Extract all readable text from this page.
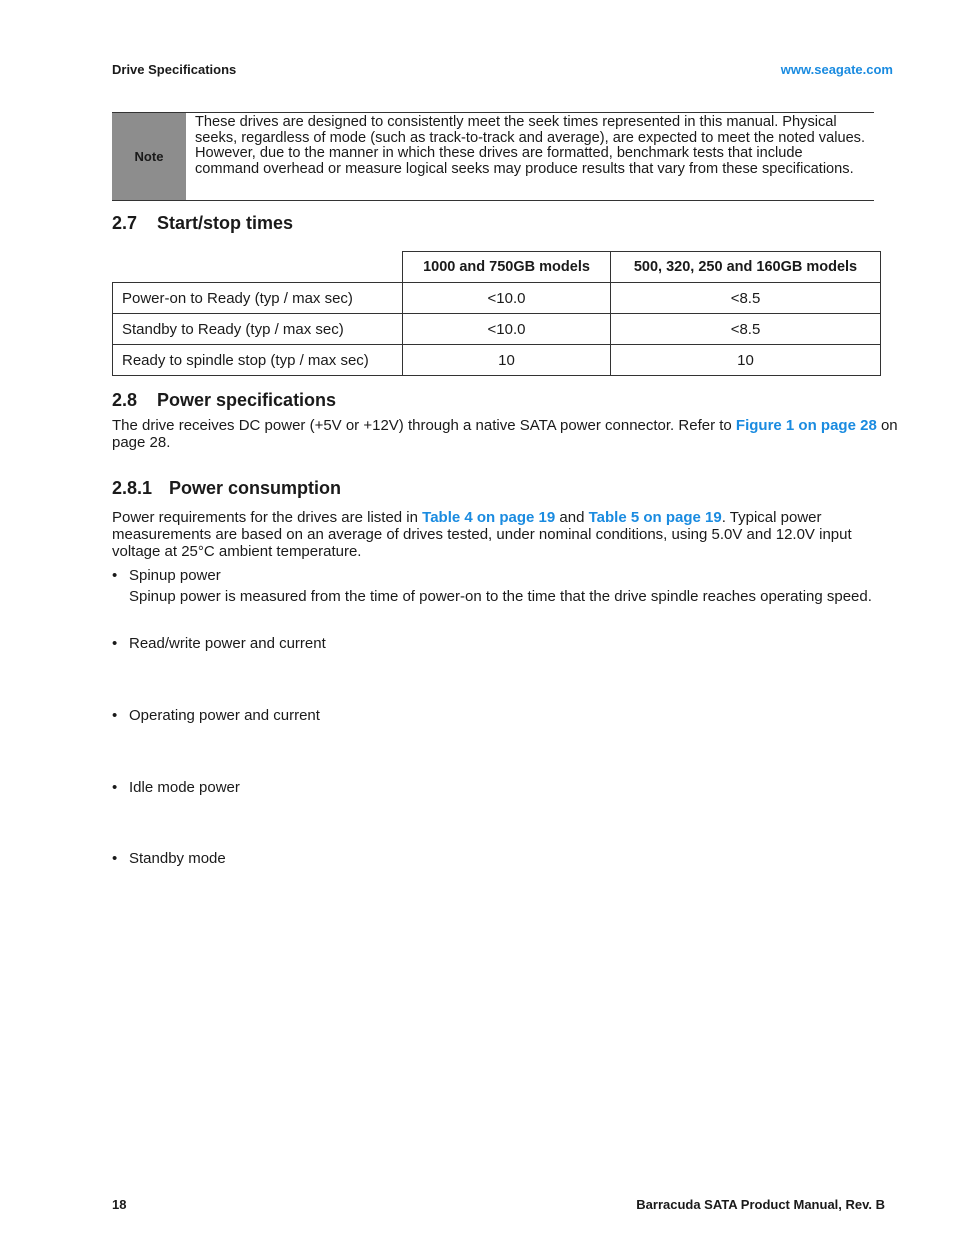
Drive Specifications	www.seagate.com
Note
These drives are designed to consistently meet the seek times represented in this manual. Physical seeks, regardless of mode (such as track-to-track and average), are expected to meet the noted values. However, due to the manner in which these drives are formatted, benchmark tests that include command overhead or measure logical seeks may produce results that vary from these specifications.
2.7 Start/stop times
	1000 and 750GB models	500, 320, 250 and 160GB models
Power-on to Ready (typ / max sec)	<10.0	<8.5
Standby to Ready (typ / max sec)	<10.0	<8.5
Ready to spindle stop (typ / max sec)	10	10
2.8 Power specifications
The drive receives DC power (+5V or +12V) through a native SATA power connector. Refer to Figure 1 on page 28 on page 28.
2.8.1 Power consumption
Power requirements for the drives are listed in Table 4 on page 19 and Table 5 on page 19. Typical power measurements are based on an average of drives tested, under nominal conditions, using 5.0V and 12.0V input voltage at 25°C ambient temperature.
• Spinup power
Spinup power is measured from the time of power-on to the time that the drive spindle reaches operating speed.
• Read/write power and current
• Operating power and current
• Idle mode power
• Standby mode
18	Barracuda SATA Product Manual, Rev. B
